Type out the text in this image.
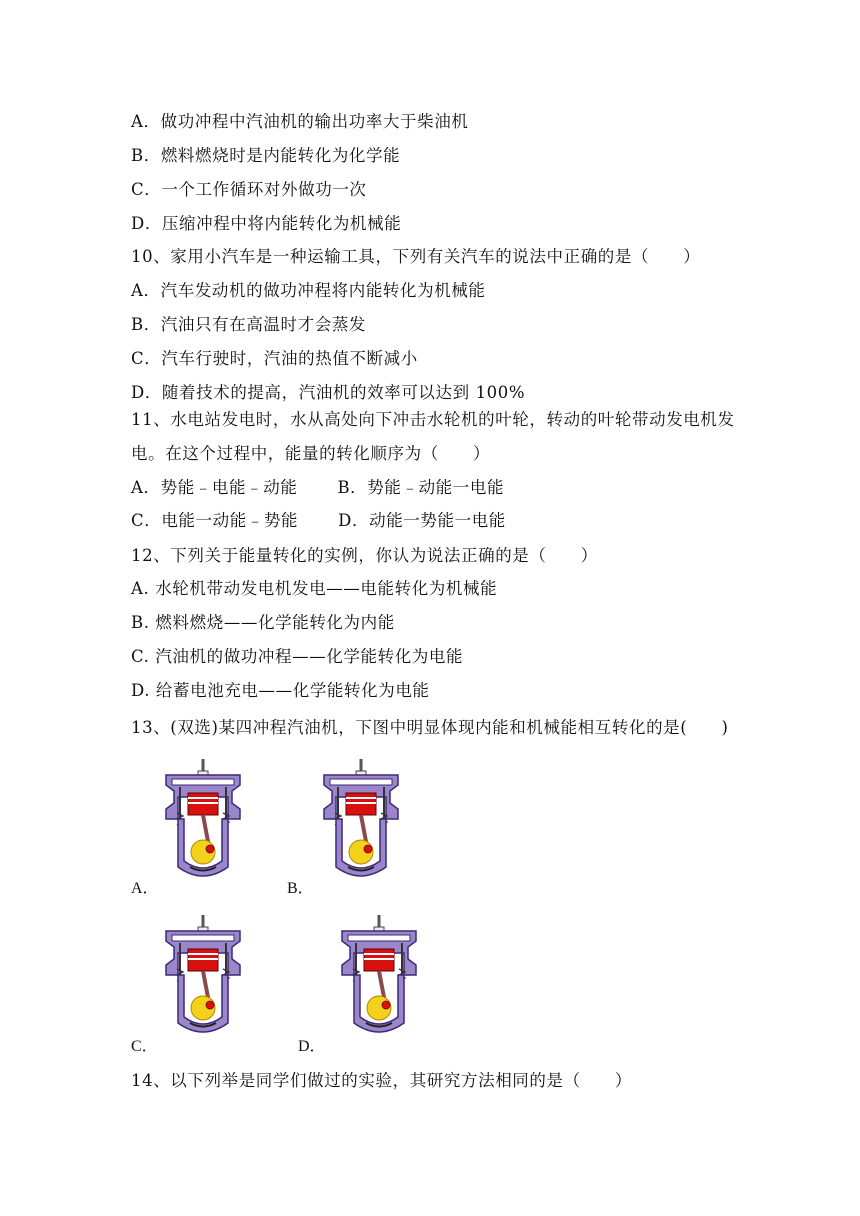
A．做功冲程中汽油机的输出功率大于柴油机
B．燃料燃烧时是内能转化为化学能
C．一个工作循环对外做功一次
D．压缩冲程中将内能转化为机械能
10、家用小汽车是一种运输工具，下列有关汽车的说法中正确的是（　　）
A．汽车发动机的做功冲程将内能转化为机械能
B．汽油只有在高温时才会蒸发
C．汽车行驶时，汽油的热值不断减小
D．随着技术的提高，汽油机的效率可以达到 100%
11、水电站发电时，水从高处向下冲击水轮机的叶轮，转动的叶轮带动发电机发
电。在这个过程中，能量的转化顺序为（　　）
A．势能﹣电能﹣动能　　 B．势能﹣动能一电能
C．电能一动能﹣势能　　 D．动能一势能一电能
12、下列关于能量转化的实例，你认为说法正确的是（　　）
A. 水轮机带动发电机发电——电能转化为机械能
B. 燃料燃烧——化学能转化为内能
C. 汽油机的做功冲程——化学能转化为电能
D. 给蓄电池充电——化学能转化为电能
13、(双选)某四冲程汽油机，下图中明显体现内能和机械能相互转化的是(　　)
A．	B．
C．	D．
14、以下列举是同学们做过的实验，其研究方法相同的是（　　）
